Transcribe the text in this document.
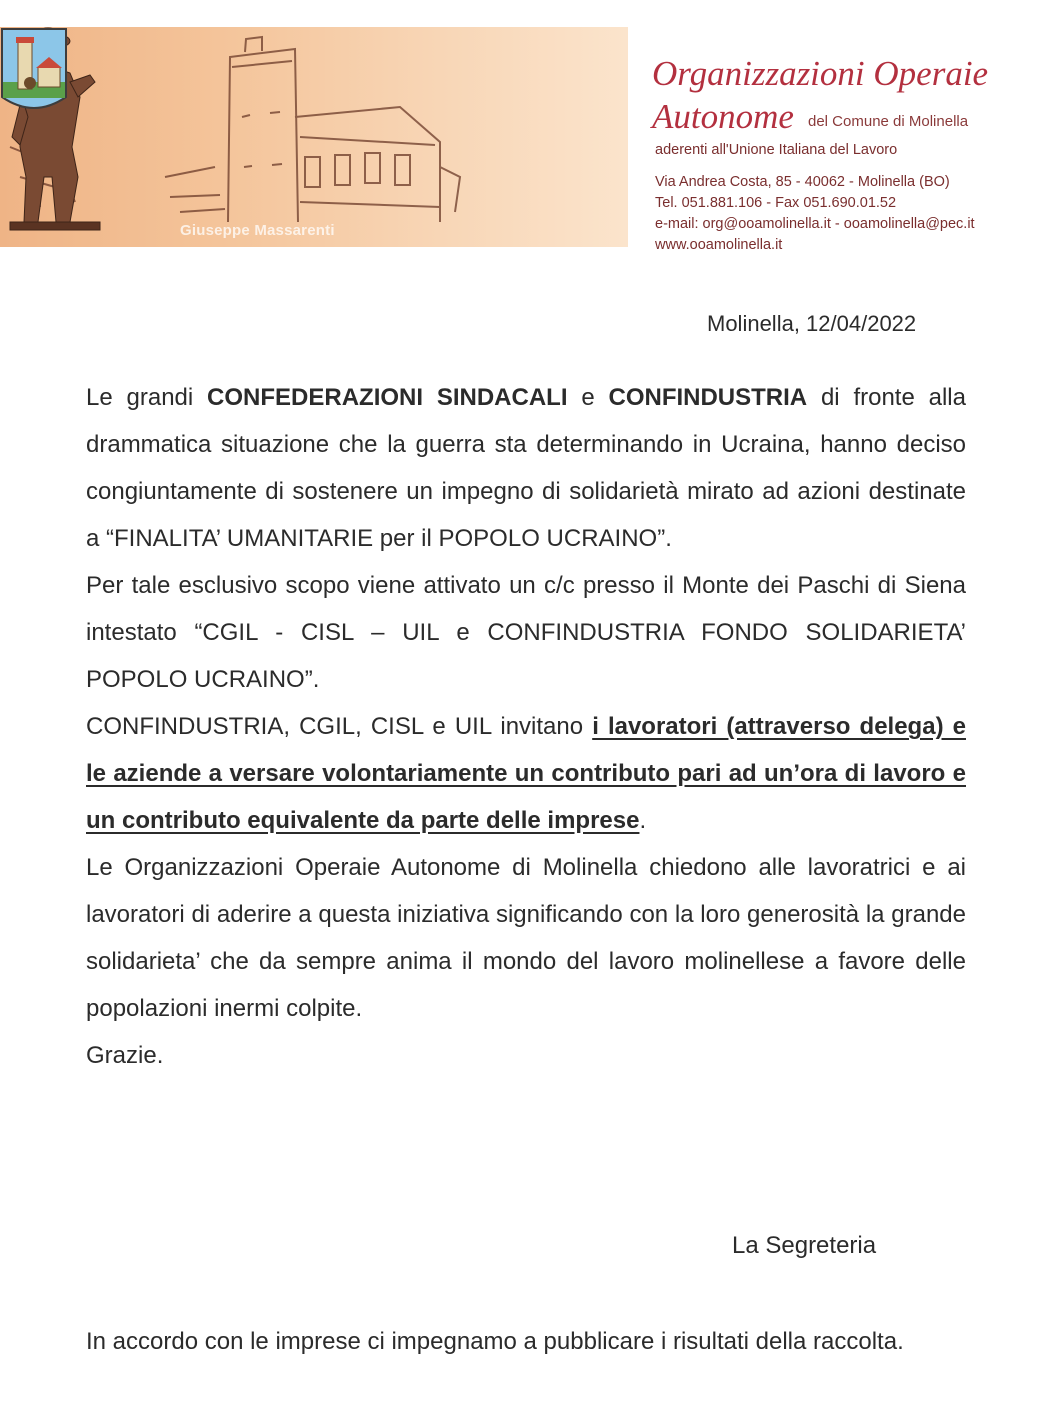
Giuseppe Massarenti
Organizzazioni Operaie
Autonome del Comune di Molinella
aderenti all'Unione Italiana del Lavoro
Via Andrea Costa, 85 - 40062 - Molinella (BO)
Tel. 051.881.106 - Fax 051.690.01.52
e-mail: org@ooamolinella.it - ooamolinella@pec.it
www.ooamolinella.it
Molinella, 12/04/2022

Le grandi CONFEDERAZIONI SINDACALI e CONFINDUSTRIA di fronte alla drammatica situazione che la guerra sta determinando in Ucraina, hanno deciso congiuntamente di sostenere un impegno di solidarietà mirato ad azioni destinate a “FINALITA’ UMANITARIE per il POPOLO UCRAINO”.

Per tale esclusivo scopo viene attivato un c/c presso il Monte dei Paschi di Siena intestato “CGIL - CISL – UIL e CONFINDUSTRIA FONDO SOLIDARIETA’ POPOLO UCRAINO”.

CONFINDUSTRIA, CGIL, CISL e UIL invitano i lavoratori (attraverso delega) e le aziende a versare volontariamente un contributo pari ad un’ora di lavoro e un contributo equivalente da parte delle imprese.

Le Organizzazioni Operaie Autonome di Molinella chiedono alle lavoratrici e ai lavoratori di aderire a questa iniziativa significando con la loro generosità la grande solidarieta’ che da sempre anima il mondo del lavoro molinellese a favore delle popolazioni inermi colpite.

Grazie.

La Segreteria
In accordo con le imprese ci impegnamo a pubblicare i risultati della raccolta.
